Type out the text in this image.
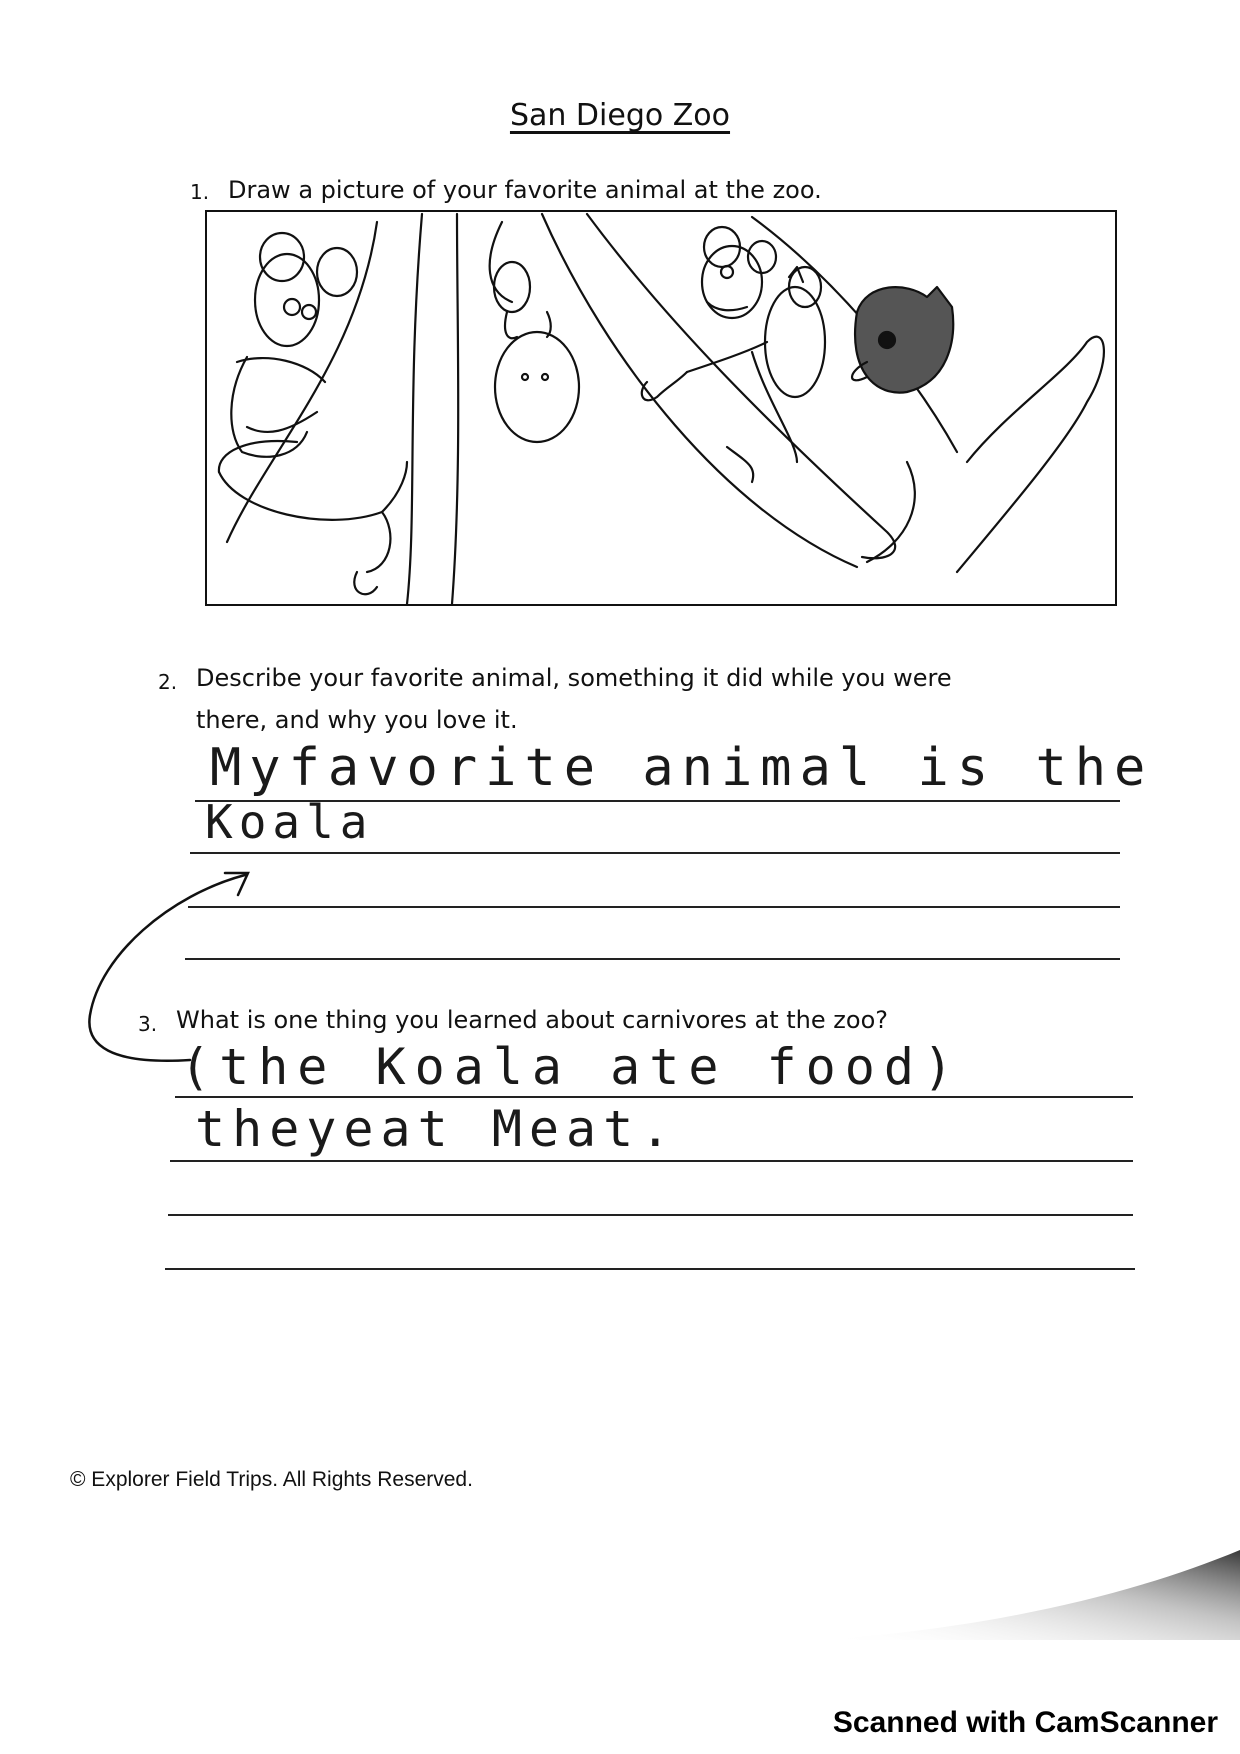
San Diego Zoo
1. Draw a picture of your favorite animal at the zoo.
2. Describe your favorite animal, something it did while you were
there, and why you love it.
Myfavorite animal is the
Koala
3. What is one thing you learned about carnivores at the zoo?
(the Koala ate food)
theyeat Meat.
© Explorer Field Trips. All Rights Reserved.
Scanned with CamScanner
